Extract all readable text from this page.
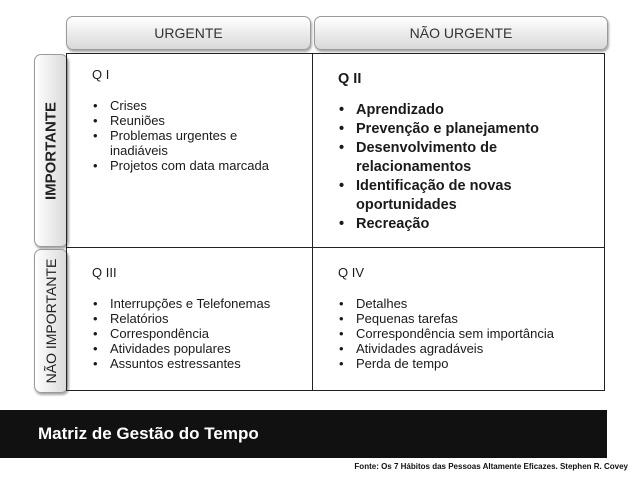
URGENTE	NÃO URGENTE
IMPORTANTE
NÃO IMPORTANTE
Q I
• Crises
• Reuniões
• Problemas urgentes e inadiáveis
• Projetos com data marcada
Q II
• Aprendizado
• Prevenção e planejamento
• Desenvolvimento de relacionamentos
• Identificação de novas oportunidades
• Recreação
Q III
• Interrupções e Telefonemas
• Relatórios
• Correspondência
• Atividades populares
• Assuntos estressantes
Q IV
• Detalhes
• Pequenas tarefas
• Correspondência sem importância
• Atividades agradáveis
• Perda de tempo
Matriz de Gestão do Tempo
Fonte: Os 7 Hábitos das Pessoas Altamente Eficazes. Stephen R. Covey
